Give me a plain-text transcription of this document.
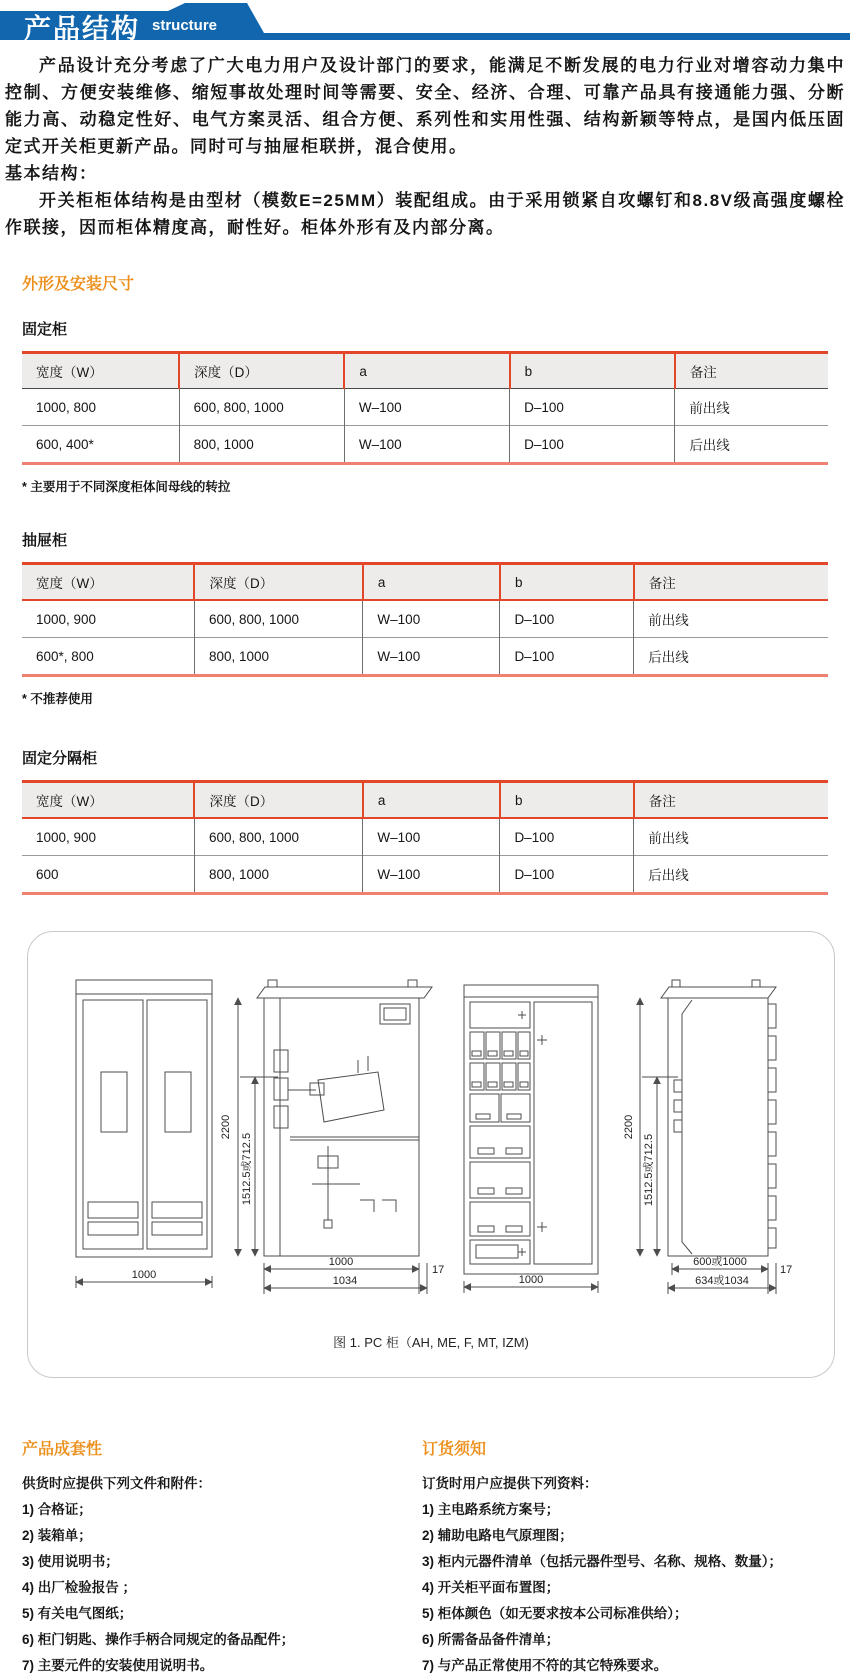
产品结构 structure

产品设计充分考虑了广大电力用户及设计部门的要求，能满足不断发展的电力行业对增容动力集中控制、方便安装维修、缩短事故处理时间等需要、安全、经济、合理、可靠产品具有接通能力强、分断能力高、动稳定性好、电气方案灵活、组合方便、系列性和实用性强、结构新颖等特点，是国内低压固定式开关柜更新产品。同时可与抽屉柜联拼，混合使用。

基本结构：

开关柜柜体结构是由型材（模数E=25MM）装配组成。由于采用锁紧自攻螺钉和8.8V级高强度螺栓作联接，因而柜体精度高，耐性好。柜体外形有及内部分离。

外形及安装尺寸
固定柜
宽度（W）	深度（D）	a	b	备注
1000, 800	600, 800, 1000	W–100	D–100	前出线
600, 400*	800, 1000	W–100	D–100	后出线
* 主要用于不同深度柜体间母线的转拉
抽屉柜
宽度（W）	深度（D）	a	b	备注
1000, 900	600, 800, 1000	W–100	D–100	前出线
600*, 800	800, 1000	W–100	D–100	后出线
* 不推荐使用
固定分隔柜
宽度（W）	深度（D）	a	b	备注
1000, 900	600, 800, 1000	W–100	D–100	前出线
600	800, 1000	W–100	D–100	后出线
1000
2200
1512.5或712.5
1000
17
1034	1000
2200
1512.5或712.5
600或1000
17
634或1034
图 1. PC 柜（AH, ME, F, MT, IZM)
产品成套性

供货时应提供下列文件和附件：

1) 合格证；
2) 装箱单；
3) 使用说明书；
4) 出厂检验报告 ；
5) 有关电气图纸；
6) 柜门钥匙、操作手柄合同规定的备品配件；
7) 主要元件的安装使用说明书。
订货须知

订货时用户应提供下列资料：

1) 主电路系统方案号；
2) 辅助电路电气原理图；
3) 柜内元器件清单（包括元器件型号、名称、规格、数量）；
4) 开关柜平面布置图；
5) 柜体颜色（如无要求按本公司标准供给）；
6) 所需备品备件清单；
7) 与产品正常使用不符的其它特殊要求。
